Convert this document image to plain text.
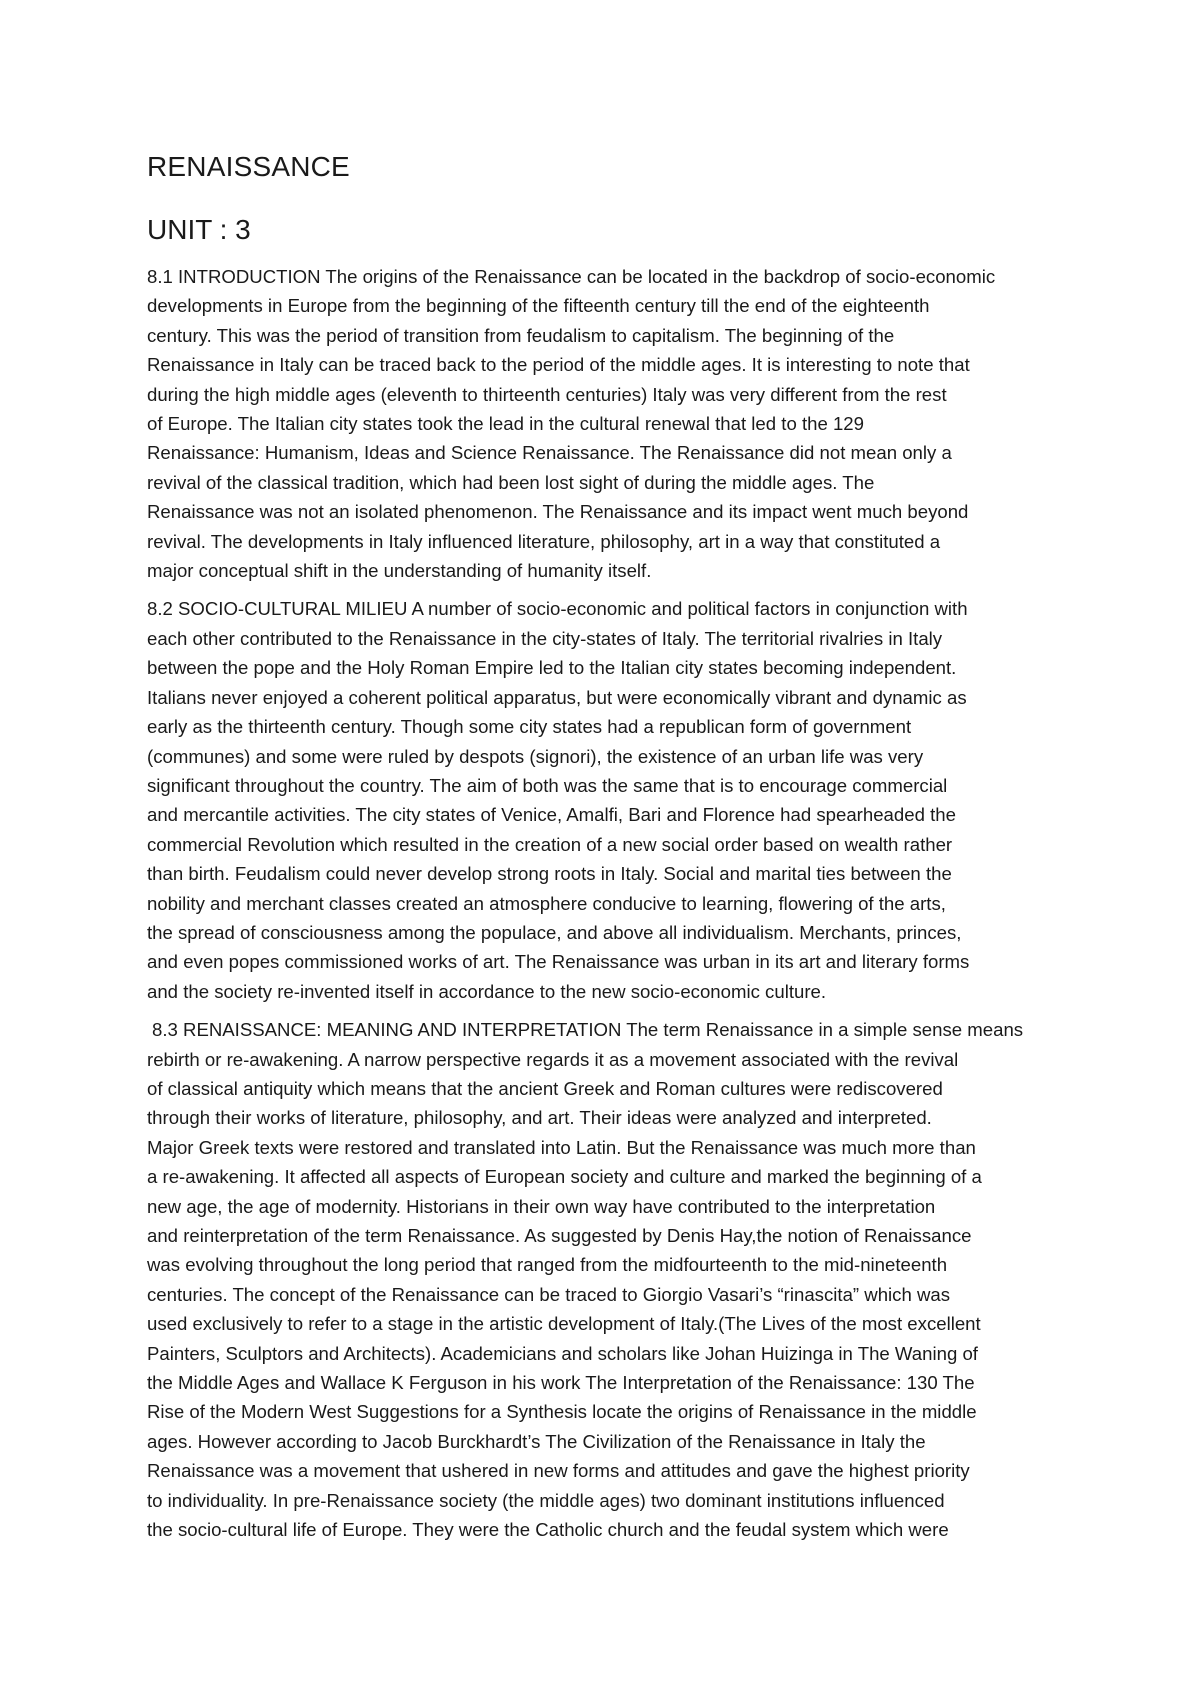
RENAISSANCE
UNIT : 3

8.1 INTRODUCTION The origins of the Renaissance can be located in the backdrop of socio-economic
developments in Europe from the beginning of the fifteenth century till the end of the eighteenth
century. This was the period of transition from feudalism to capitalism. The beginning of the
Renaissance in Italy can be traced back to the period of the middle ages. It is interesting to note that
during the high middle ages (eleventh to thirteenth centuries) Italy was very different from the rest
of Europe. The Italian city states took the lead in the cultural renewal that led to the 129
Renaissance: Humanism, Ideas and Science Renaissance. The Renaissance did not mean only a
revival of the classical tradition, which had been lost sight of during the middle ages. The
Renaissance was not an isolated phenomenon. The Renaissance and its impact went much beyond
revival. The developments in Italy influenced literature, philosophy, art in a way that constituted a
major conceptual shift in the understanding of humanity itself.

8.2 SOCIO-CULTURAL MILIEU A number of socio-economic and political factors in conjunction with
each other contributed to the Renaissance in the city-states of Italy. The territorial rivalries in Italy
between the pope and the Holy Roman Empire led to the Italian city states becoming independent.
Italians never enjoyed a coherent political apparatus, but were economically vibrant and dynamic as
early as the thirteenth century. Though some city states had a republican form of government
(communes) and some were ruled by despots (signori), the existence of an urban life was very
significant throughout the country. The aim of both was the same that is to encourage commercial
and mercantile activities. The city states of Venice, Amalfi, Bari and Florence had spearheaded the
commercial Revolution which resulted in the creation of a new social order based on wealth rather
than birth. Feudalism could never develop strong roots in Italy. Social and marital ties between the
nobility and merchant classes created an atmosphere conducive to learning, flowering of the arts,
the spread of consciousness among the populace, and above all individualism. Merchants, princes,
and even popes commissioned works of art. The Renaissance was urban in its art and literary forms
and the society re-invented itself in accordance to the new socio-economic culture.

8.3 RENAISSANCE: MEANING AND INTERPRETATION The term Renaissance in a simple sense means
rebirth or re-awakening. A narrow perspective regards it as a movement associated with the revival
of classical antiquity which means that the ancient Greek and Roman cultures were rediscovered
through their works of literature, philosophy, and art. Their ideas were analyzed and interpreted.
Major Greek texts were restored and translated into Latin. But the Renaissance was much more than
a re-awakening. It affected all aspects of European society and culture and marked the beginning of a
new age, the age of modernity. Historians in their own way have contributed to the interpretation
and reinterpretation of the term Renaissance. As suggested by Denis Hay,the notion of Renaissance
was evolving throughout the long period that ranged from the midfourteenth to the mid-nineteenth
centuries. The concept of the Renaissance can be traced to Giorgio Vasari’s “rinascita” which was
used exclusively to refer to a stage in the artistic development of Italy.(The Lives of the most excellent
Painters, Sculptors and Architects). Academicians and scholars like Johan Huizinga in The Waning of
the Middle Ages and Wallace K Ferguson in his work The Interpretation of the Renaissance: 130 The
Rise of the Modern West Suggestions for a Synthesis locate the origins of Renaissance in the middle
ages. However according to Jacob Burckhardt’s The Civilization of the Renaissance in Italy the
Renaissance was a movement that ushered in new forms and attitudes and gave the highest priority
to individuality. In pre-Renaissance society (the middle ages) two dominant institutions influenced
the socio-cultural life of Europe. They were the Catholic church and the feudal system which were
